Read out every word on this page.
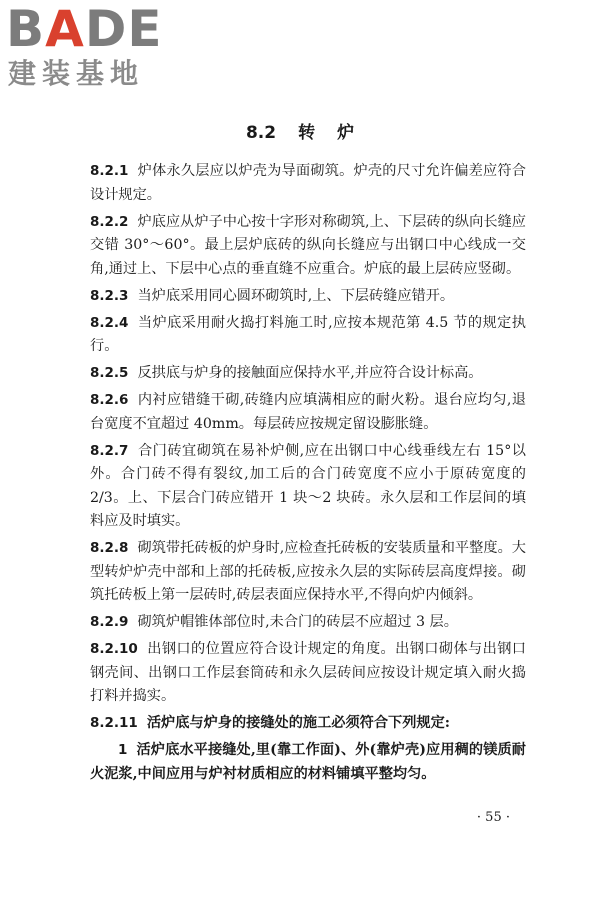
BADE
建装基地
8.2 转 炉

8.2.1 炉体永久层应以炉壳为导面砌筑。炉壳的尺寸允许偏差应符合设计规定。

8.2.2 炉底应从炉子中心按十字形对称砌筑,上、下层砖的纵向长缝应交错 30°～60°。最上层炉底砖的纵向长缝应与出钢口中心线成一交角,通过上、下层中心点的垂直缝不应重合。炉底的最上层砖应竖砌。

8.2.3 当炉底采用同心圆环砌筑时,上、下层砖缝应错开。

8.2.4 当炉底采用耐火捣打料施工时,应按本规范第 4.5 节的规定执行。

8.2.5 反拱底与炉身的接触面应保持水平,并应符合设计标高。

8.2.6 内衬应错缝干砌,砖缝内应填满相应的耐火粉。退台应均匀,退台宽度不宜超过 40mm。每层砖应按规定留设膨胀缝。

8.2.7 合门砖宜砌筑在易补炉侧,应在出钢口中心线垂线左右 15°以外。合门砖不得有裂纹,加工后的合门砖宽度不应小于原砖宽度的 2/3。上、下层合门砖应错开 1 块～2 块砖。永久层和工作层间的填料应及时填实。

8.2.8 砌筑带托砖板的炉身时,应检查托砖板的安装质量和平整度。大型转炉炉壳中部和上部的托砖板,应按永久层的实际砖层高度焊接。砌筑托砖板上第一层砖时,砖层表面应保持水平,不得向炉内倾斜。

8.2.9 砌筑炉帽锥体部位时,未合门的砖层不应超过 3 层。

8.2.10 出钢口的位置应符合设计规定的角度。出钢口砌体与出钢口钢壳间、出钢口工作层套筒砖和永久层砖间应按设计规定填入耐火捣打料并捣实。

8.2.11 活炉底与炉身的接缝处的施工必须符合下列规定:

1 活炉底水平接缝处,里(靠工作面)、外(靠炉壳)应用稠的镁质耐火泥浆,中间应用与炉衬材质相应的材料铺填平整均匀。

· 55 ·
